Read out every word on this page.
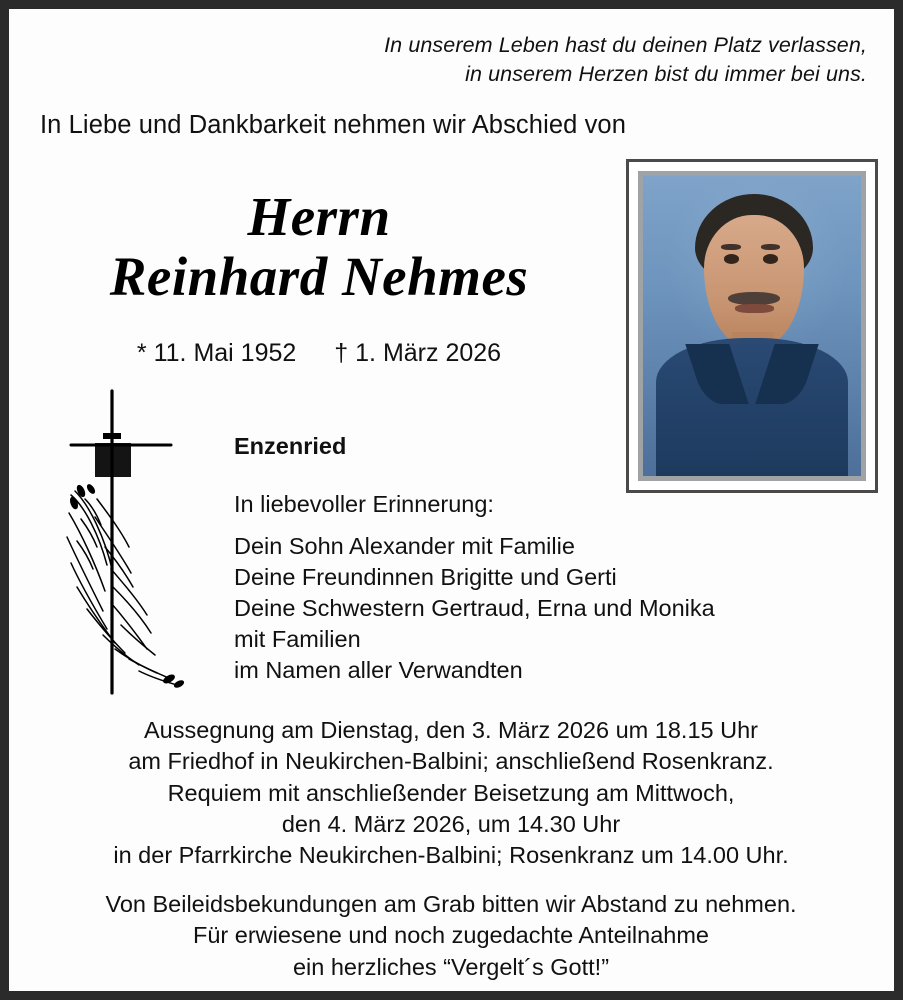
In unserem Leben hast du deinen Platz verlassen,
in unserem Herzen bist du immer bei uns.
In Liebe und Dankbarkeit nehmen wir Abschied von
Herrn
Reinhard Nehmes
* 11. Mai 1952 † 1. März 2026
Enzenried
In liebevoller Erinnerung:
Dein Sohn Alexander mit Familie
Deine Freundinnen Brigitte und Gerti
Deine Schwestern Gertraud, Erna und Monika
mit Familien
im Namen aller Verwandten
Aussegnung am Dienstag, den 3. März 2026 um 18.15 Uhr
am Friedhof in Neukirchen-Balbini; anschließend Rosenkranz.
Requiem mit anschließender Beisetzung am Mittwoch,
den 4. März 2026, um 14.30 Uhr
in der Pfarrkirche Neukirchen-Balbini; Rosenkranz um 14.00 Uhr.
Von Beileidsbekundungen am Grab bitten wir Abstand zu nehmen.
Für erwiesene und noch zugedachte Anteilnahme
ein herzliches “Vergelt´s Gott!”
